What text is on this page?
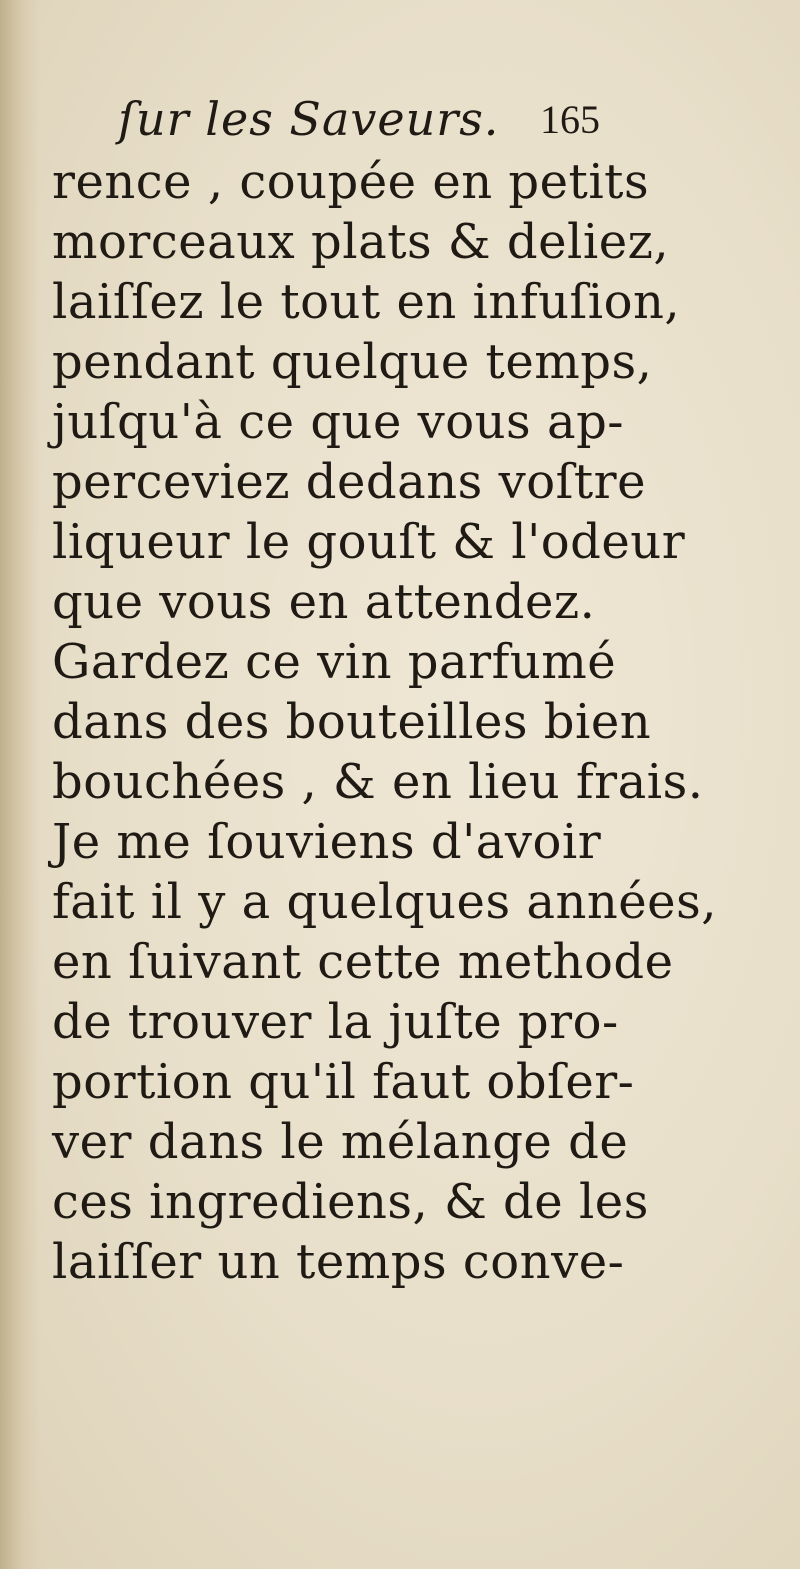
ſur les Saveurs. 165
rence , coupée en petits
morceaux plats & deliez,
laiſſez le tout en infuſion,
pendant quelque temps,
juſqu'à ce que vous ap-
perceviez dedans voſtre
liqueur le gouſt & l'odeur
que vous en attendez.
Gardez ce vin parfumé
dans des bouteilles bien
bouchées , & en lieu frais.
Je me ſouviens d'avoir
fait il y a quelques années,
en ſuivant cette methode
de trouver la juſte pro-
portion qu'il faut obſer-
ver dans le mélange de
ces ingrediens, & de les
laiſſer un temps conve-
